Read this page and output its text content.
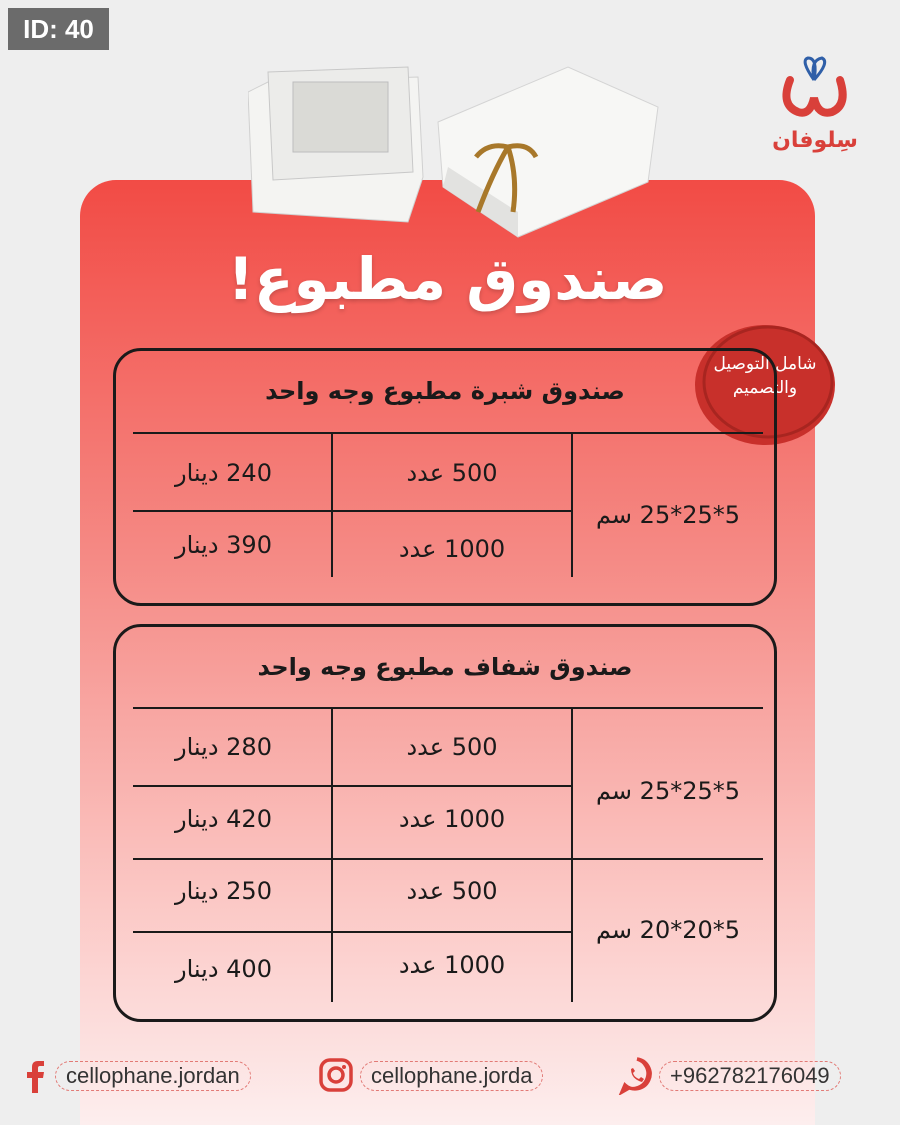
ID: 40
سِلوفان
صندوق مطبوع!
شامل التوصيل
والتصميم
صندوق شبرة مطبوع وجه واحد
5*25*25 سم
500 عدد
240 دينار
1000 عدد
390 دينار
صندوق شفاف مطبوع وجه واحد
5*25*25 سم
500 عدد
280 دينار
1000 عدد
420 دينار
5*20*20 سم
500 عدد
250 دينار
1000 عدد
400 دينار
cellophane.jordan	cellophane.jorda	+962782176049
